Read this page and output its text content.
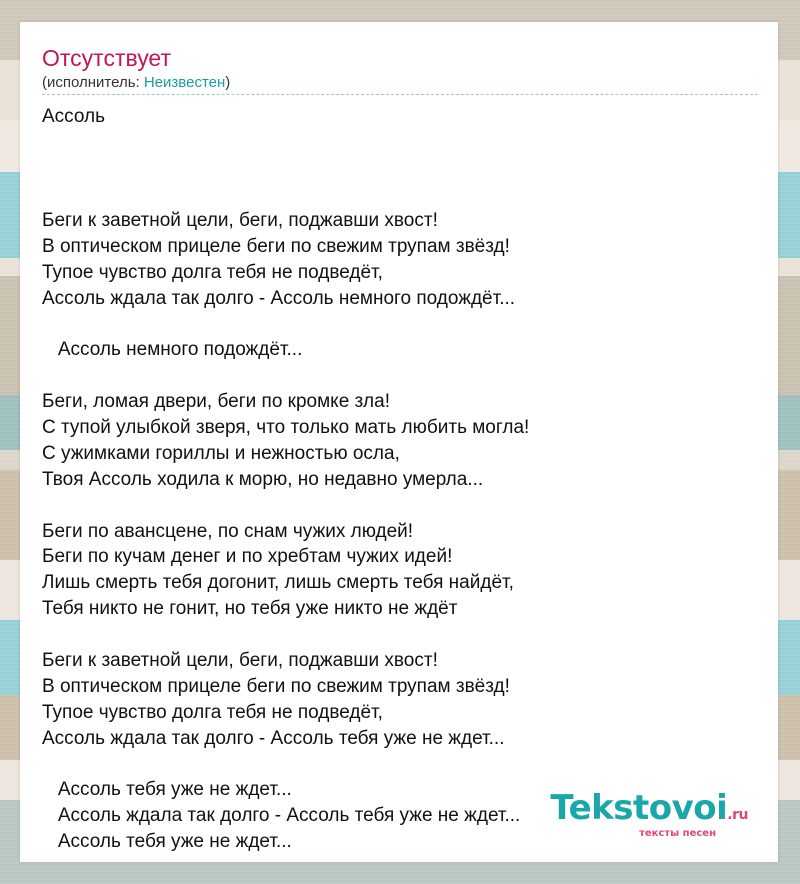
Отсутствует
(исполнитель: Неизвестен)
Ассоль
Беги к заветной цели, беги, поджавши хвост!
В оптическом прицеле беги по свежим трупам звёзд!
Тупое чувство долга тебя не подведёт,
Ассоль ждала так долго - Ассоль немного подождёт...
Ассоль немного подождёт...
Беги, ломая двери, беги по кромке зла!
С тупой улыбкой зверя, что только мать любить могла!
С ужимками гориллы и нежностью осла,
Твоя Ассоль ходила к морю, но недавно умерла...
Беги по авансцене, по снам чужих людей!
Беги по кучам денег и по хребтам чужих идей!
Лишь смерть тебя догонит, лишь смерть тебя найдёт,
Тебя никто не гонит, но тебя уже никто не ждёт
Беги к заветной цели, беги, поджавши хвост!
В оптическом прицеле беги по свежим трупам звёзд!
Тупое чувство долга тебя не подведёт,
Ассоль ждала так долго - Ассоль тебя уже не ждет...
Ассоль тебя уже не ждет...
Ассоль ждала так долго - Ассоль тебя уже не ждет...
Ассоль тебя уже не ждет...
Tekstovoi.ru
тексты песен
